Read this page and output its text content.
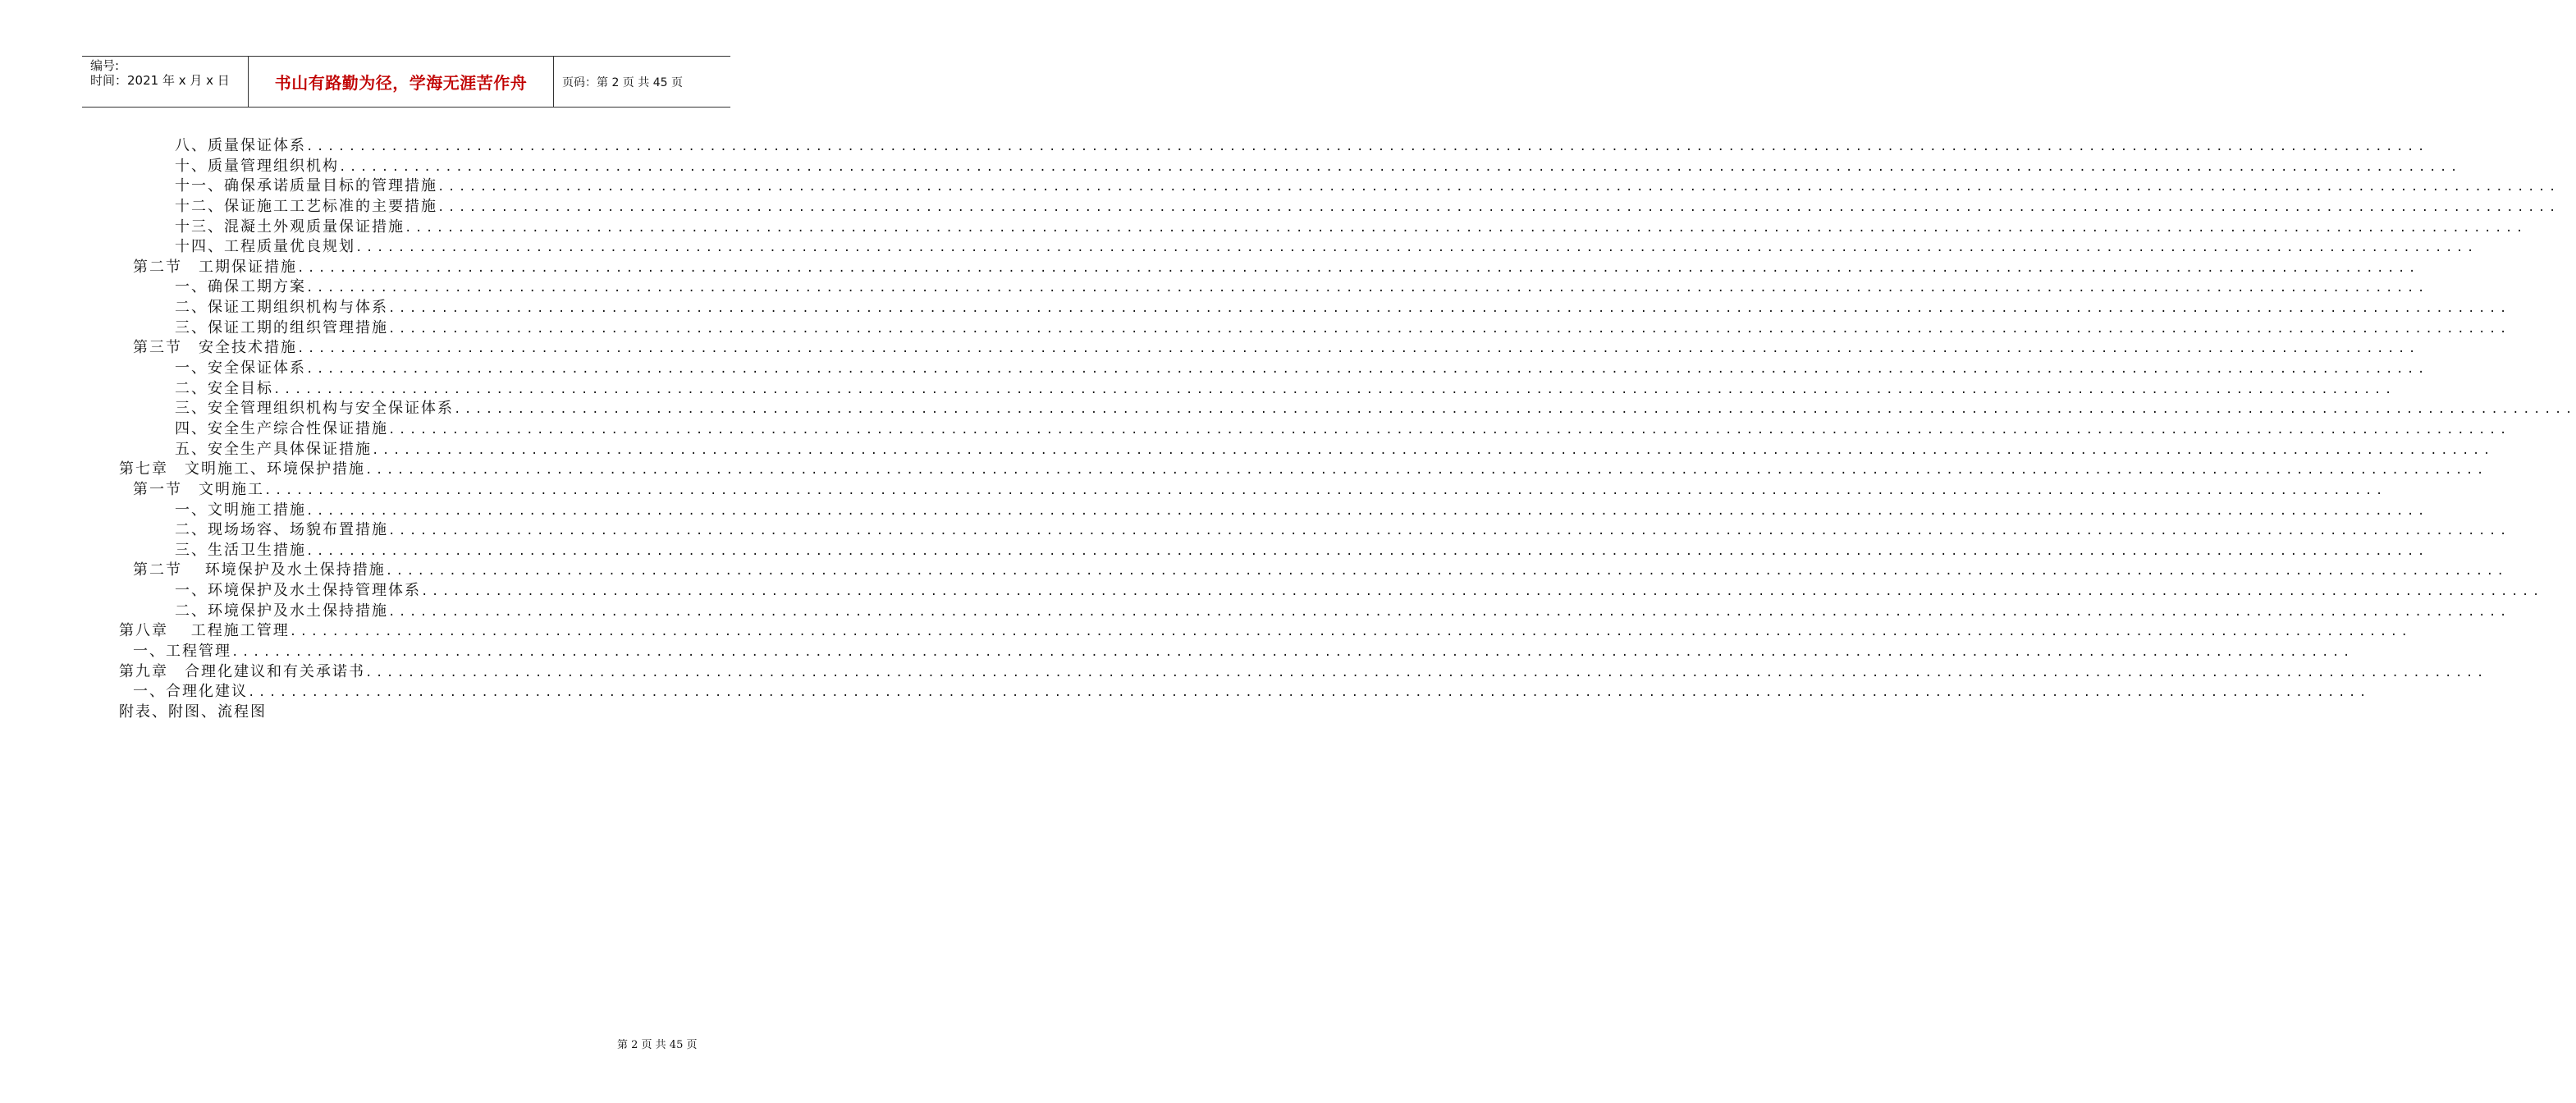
编号:
时间：2021 年 x 月 x 日	书山有路勤为径，学海无涯苦作舟	页码：第 2 页 共 45 页
八、质量保证体系 ........................................................................................................................................................................................................
十、质量管理组织机构 ........................................................................................................................................................................................................
十一、确保承诺质量目标的管理措施 ........................................................................................................................................................................................................
十二、保证施工工艺标准的主要措施 ........................................................................................................................................................................................................
十三、混凝土外观质量保证措施 ........................................................................................................................................................................................................
十四、工程质量优良规划 ........................................................................................................................................................................................................
第二节　工期保证措施 ........................................................................................................................................................................................................
一、确保工期方案 ........................................................................................................................................................................................................
二、保证工期组织机构与体系 ........................................................................................................................................................................................................
三、保证工期的组织管理措施 ........................................................................................................................................................................................................
第三节　安全技术措施 ........................................................................................................................................................................................................
一、安全保证体系 ........................................................................................................................................................................................................
二、安全目标 ........................................................................................................................................................................................................
三、安全管理组织机构与安全保证体系 ........................................................................................................................................................................................................
四、安全生产综合性保证措施 ........................................................................................................................................................................................................
五、安全生产具体保证措施 ........................................................................................................................................................................................................
第七章　文明施工、环境保护措施 ........................................................................................................................................................................................................
第一节　文明施工 ........................................................................................................................................................................................................
一、文明施工措施 ........................................................................................................................................................................................................
二、现场场容、场貌布置措施 ........................................................................................................................................................................................................
三、生活卫生措施 ........................................................................................................................................................................................................
第二节　 环境保护及水土保持措施 ........................................................................................................................................................................................................
一、环境保护及水土保持管理体系 ........................................................................................................................................................................................................
二、环境保护及水土保持措施 ........................................................................................................................................................................................................
第八章　 工程施工管理 ........................................................................................................................................................................................................
一、工程管理 ........................................................................................................................................................................................................
第九章　合理化建议和有关承诺书 ........................................................................................................................................................................................................
一、合理化建议 ........................................................................................................................................................................................................
附表、附图、流程图
第 2 页 共 45 页
